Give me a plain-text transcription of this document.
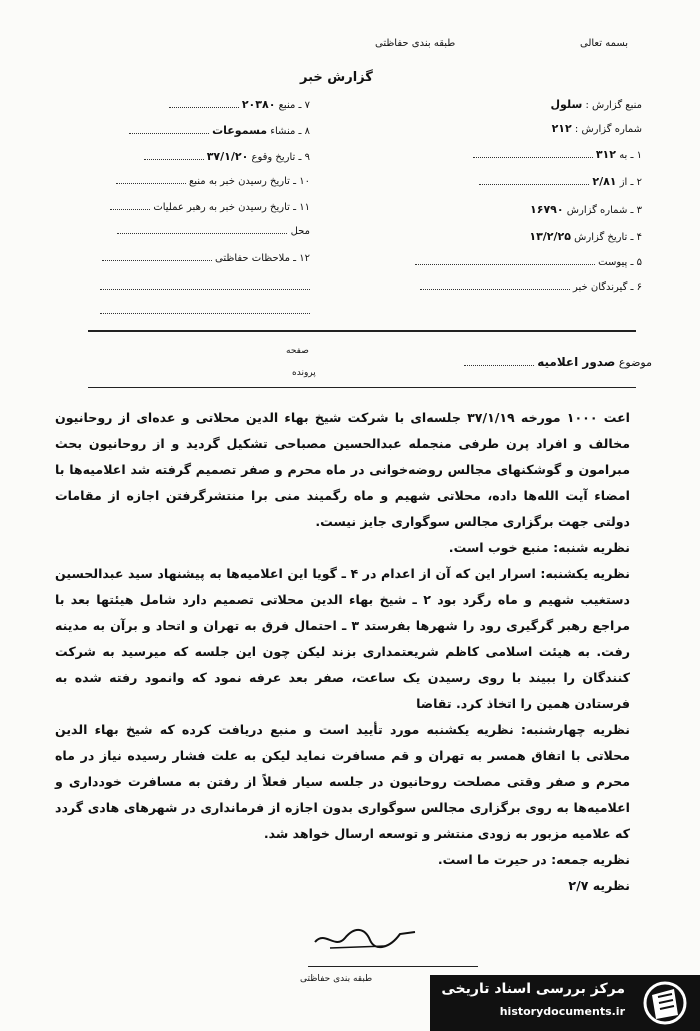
بسمه تعالی
طبقه بندی حفاظتی
گزارش خبر
منبع گزارش : سلول
شماره گزارش : ۲۱۲
۱ ـ به ۳۱۲
۲ ـ از ۲/۸۱
۳ ـ شماره گزارش ۱۶۷۹۰
۴ ـ تاریخ گزارش ۱۳/۲/۲۵
۵ ـ پیوست
۶ ـ گیرندگان خبر
۷ ـ منبع ۲۰۳۸۰
۸ ـ منشاء مسموعات
۹ ـ تاریخ وقوع ۳۷/۱/۲۰
۱۰ ـ تاریخ رسیدن خبر به منبع
۱۱ ـ تاریخ رسیدن خبر به رهبر عملیات
محل
۱۲ ـ ملاحظات حفاظتی
موضوع صدور اعلامیه
صفحه
پرونده

اعت ۱۰۰۰ مورخه ۳۷/۱/۱۹ جلسه‌ای با شرکت شیخ بهاء الدین محلاتی و عده‌ای از روحانیون مخالف و افراد پرن طرفی منجمله عبدالحسین مصباحی تشکیل گردید و از روحانیون بحث مبرامون و گوشکنهای مجالس روضه‌خوانی در ماه محرم و صفر تصمیم گرفته شد اعلامیه‌ها با امضاء آیت الله‌ها داده، محلاتی شهیم و ماه رگمیند منی برا منتشرگرفتن اجازه از مقامات دولتی جهت برگزاری مجالس سوگواری جایز نیست.

نظریه شنبه: منبع خوب است.

نظریه یکشنبه: اسرار این که آن از اعدام در ۴ ـ گویا این اعلامیه‌ها به پیشنهاد سید عبدالحسین دستغیب شهیم و ماه رگرد بود ۲ ـ شیخ بهاء الدین محلاتی تصمیم دارد شامل هیئتها بعد با مراجع رهبر گرگیری رود را شهرها بفرستد ۳ ـ احتمال فرق به تهران و اتحاد و برآن به مدینه رفت. به هیئت اسلامی کاظم شریعتمداری بزند لیکن چون این جلسه که میرسید به شرکت کنندگان را ببیند با روی رسیدن یک ساعت، صفر بعد عرفه نمود که وانمود رفته شده به فرستادن همین را اتخاذ کرد. تقاضا

نظریه چهارشنبه: نظریه یکشنبه مورد تأیید است و منبع دریافت کرده که شیخ بهاء الدین محلاتی با اتفاق همسر به تهران و قم مسافرت نماید لیکن به علت فشار رسیده نیاز در ماه محرم و صفر وقتی مصلحت روحانیون در جلسه سیار فعلاً از رفتن به مسافرت خودداری و اعلامیه‌ها به روی برگزاری مجالس سوگواری بدون اجازه از فرمانداری در شهرهای هادی گردد که علامیه مزبور به زودی منتشر و توسعه ارسال خواهد شد.

نظریه جمعه: در حیرت ما است.

نظریه ۲/۷

طبقه بندی حفاظتی
مرکز بررسی اسناد تاریخی
historydocuments.ir
